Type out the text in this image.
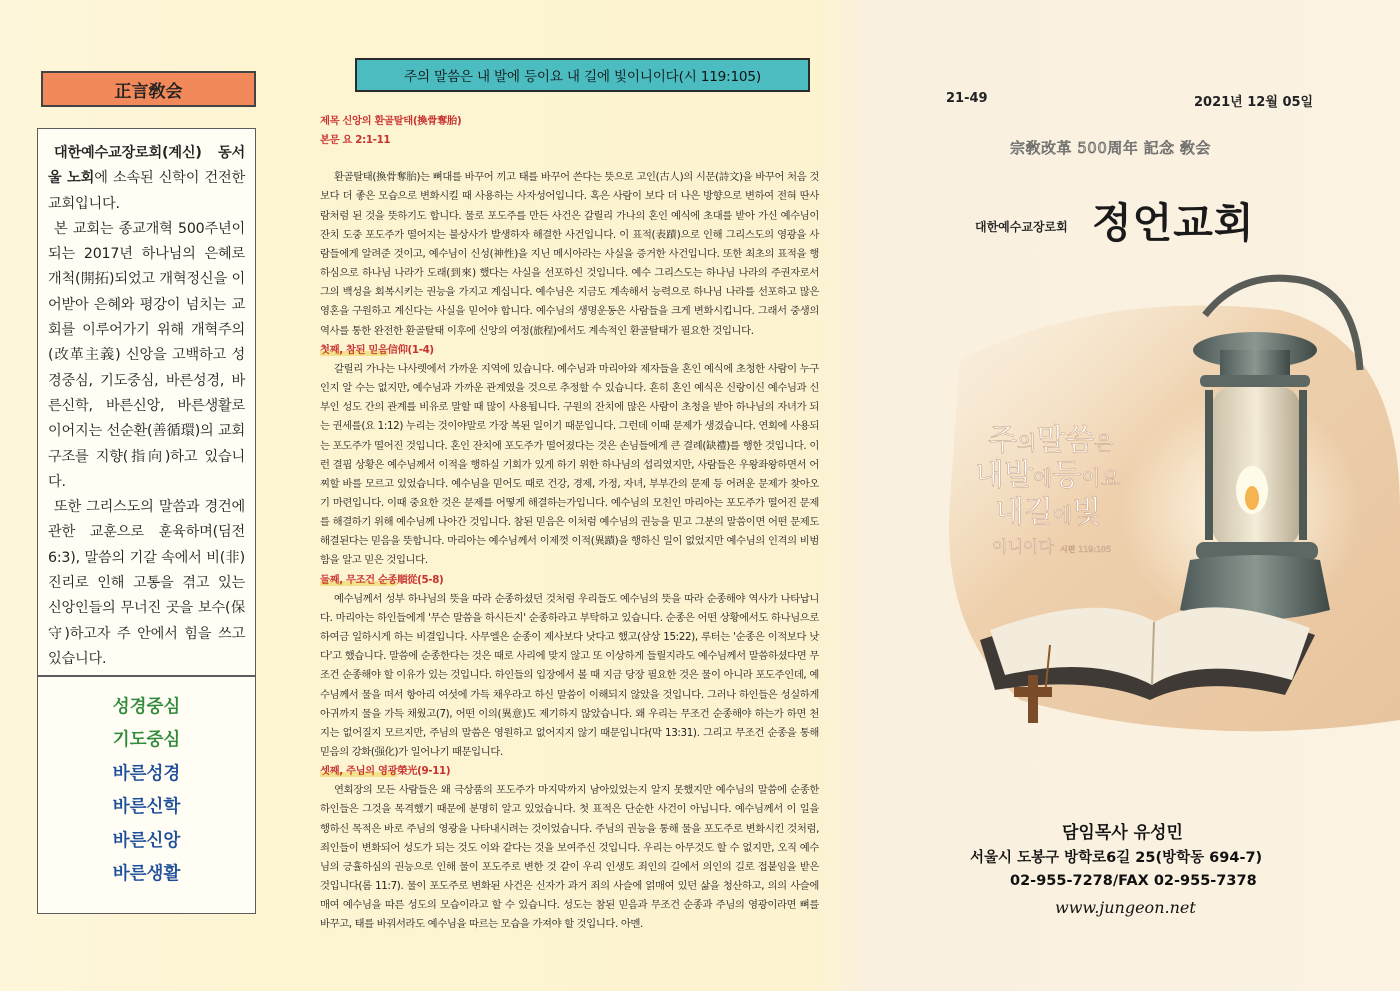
正言敎会

대한예수교장로회(계신) 동서울 노회에 소속된 신학이 건전한 교회입니다.

본 교회는 종교개혁 500주년이 되는 2017년 하나님의 은혜로 개척(開拓)되었고 개혁정신을 이어받아 은혜와 평강이 넘치는 교회를 이루어가기 위해 개혁주의(改革主義) 신앙을 고백하고 성경중심, 기도중심, 바른성경, 바른신학, 바른신앙, 바른생활로 이어지는 선순환(善循環)의 교회 구조를 지향(指向)하고 있습니다.

또한 그리스도의 말씀과 경건에 관한 교훈으로 훈육하며(딤전 6:3), 말씀의 기갈 속에서 비(非) 진리로 인해 고통을 겪고 있는 신앙인들의 무너진 곳을 보수(保守)하고자 주 안에서 힘을 쓰고 있습니다.

성경중심
기도중심
바른성경
바른신학
바른신앙
바른생활
주의 말씀은 내 발에 등이요 내 길에 빛이니이다(시 119:105)
제목 신앙의 환골탈태(換骨奪胎)
본문 요 2:1-11

환골탈태(換骨奪胎)는 뼈대를 바꾸어 끼고 태를 바꾸어 쓴다는 뜻으로 고인(古人)의 시문(詩文)을 바꾸어 처음 것보다 더 좋은 모습으로 변화시킬 때 사용하는 사자성어입니다. 혹은 사람이 보다 더 나은 방향으로 변하여 전혀 딴사람처럼 된 것을 뜻하기도 합니다. 물로 포도주를 만든 사건은 갈릴리 가나의 혼인 예식에 초대를 받아 가신 예수님이 잔치 도중 포도주가 떨어지는 불상사가 발생하자 해결한 사건입니다. 이 표적(表蹟)으로 인해 그리스도의 영광을 사람들에게 알려준 것이고, 예수님이 신성(神性)을 지닌 메시아라는 사실을 증거한 사건입니다. 또한 최초의 표적을 행하심으로 하나님 나라가 도래(到來) 했다는 사실을 선포하신 것입니다. 예수 그리스도는 하나님 나라의 주권자로서 그의 백성을 회복시키는 권능을 가지고 계십니다. 예수님은 지금도 계속해서 능력으로 하나님 나라를 선포하고 많은 영혼을 구원하고 계신다는 사실을 믿어야 합니다. 예수님의 생명운동은 사람들을 크게 변화시킵니다. 그래서 중생의 역사를 통한 완전한 환골탈태 이후에 신앙의 여정(旅程)에서도 계속적인 환골탈태가 필요한 것입니다.

첫째, 참된 믿음信仰(1-4)

갈릴리 가나는 나사렛에서 가까운 지역에 있습니다. 예수님과 마리아와 제자들을 혼인 예식에 초청한 사람이 누구인지 알 수는 없지만, 예수님과 가까운 관계였을 것으로 추정할 수 있습니다. 흔히 혼인 예식은 신랑이신 예수님과 신부인 성도 간의 관계를 비유로 말할 때 많이 사용됩니다. 구원의 잔치에 많은 사람이 초청을 받아 하나님의 자녀가 되는 권세를(요 1:12) 누리는 것이야말로 가장 복된 일이기 때문입니다. 그런데 이때 문제가 생겼습니다. 연회에 사용되는 포도주가 떨어진 것입니다. 혼인 잔치에 포도주가 떨어졌다는 것은 손님들에게 큰 결례(缺禮)를 행한 것입니다. 이런 결핍 상황은 예수님께서 이적을 행하실 기회가 있게 하기 위한 하나님의 섭리였지만, 사람들은 우왕좌왕하면서 어찌할 바를 모르고 있었습니다. 예수님을 믿어도 때로 건강, 경제, 가정, 자녀, 부부간의 문제 등 어려운 문제가 찾아오기 마련입니다. 이때 중요한 것은 문제를 어떻게 해결하는가입니다. 예수님의 모친인 마리아는 포도주가 떨어진 문제를 해결하기 위해 예수님께 나아간 것입니다. 참된 믿음은 이처럼 예수님의 권능을 믿고 그분의 말씀이면 어떤 문제도 해결된다는 믿음을 뜻합니다. 마리아는 예수님께서 이제껏 이적(異蹟)을 행하신 일이 없었지만 예수님의 인격의 비범함을 알고 믿은 것입니다.

둘째, 무조건 순종順從(5-8)

예수님께서 성부 하나님의 뜻을 따라 순종하셨던 것처럼 우리들도 예수님의 뜻을 따라 순종해야 역사가 나타납니다. 마리아는 하인들에게 '무슨 말씀을 하시든지' 순종하라고 부탁하고 있습니다. 순종은 어떤 상황에서도 하나님으로 하여금 일하시게 하는 비결입니다. 사무엘은 순종이 제사보다 낫다고 했고(삼상 15:22), 루터는 '순종은 이적보다 낫다'고 했습니다. 말씀에 순종한다는 것은 때로 사리에 맞지 않고 또 이상하게 들릴지라도 예수님께서 말씀하셨다면 무조건 순종해야 할 이유가 있는 것입니다. 하인들의 입장에서 볼 때 지금 당장 필요한 것은 물이 아니라 포도주인데, 예수님께서 물을 떠서 항아리 여섯에 가득 채우라고 하신 말씀이 이해되지 않았을 것입니다. 그러나 하인들은 성실하게 아귀까지 물을 가득 채웠고(7), 어떤 이의(異意)도 제기하지 않았습니다. 왜 우리는 무조건 순종해야 하는가 하면 천지는 없어질지 모르지만, 주님의 말씀은 영원하고 없어지지 않기 때문입니다(막 13:31). 그리고 무조건 순종을 통해 믿음의 강화(强化)가 일어나기 때문입니다.

셋째, 주님의 영광榮光(9-11)

연회장의 모든 사람들은 왜 극상품의 포도주가 마지막까지 남아있었는지 알지 못했지만 예수님의 말씀에 순종한 하인들은 그것을 목격했기 때문에 분명히 알고 있었습니다. 첫 표적은 단순한 사건이 아닙니다. 예수님께서 이 일을 행하신 목적은 바로 주님의 영광을 나타내시려는 것이었습니다. 주님의 권능을 통해 물을 포도주로 변화시킨 것처럼, 죄인들이 변화되어 성도가 되는 것도 이와 같다는 것을 보여주신 것입니다. 우리는 아무것도 할 수 없지만, 오직 예수님의 긍휼하심의 권능으로 인해 물이 포도주로 변한 것 같이 우리 인생도 죄인의 길에서 의인의 길로 접붙임을 받은 것입니다(롬 11:7). 물이 포도주로 변화된 사건은 신자가 과거 죄의 사슬에 얽매여 있던 삶을 청산하고, 의의 사슬에 매여 예수님을 따른 성도의 모습이라고 할 수 있습니다. 성도는 참된 믿음과 무조건 순종과 주님의 영광이라면 뼈를 바꾸고, 태를 바꿔서라도 예수님을 따르는 모습을 가져야 할 것입니다. 아멘.

21-49	2021년 12월 05일
宗敎改革 500周年 記念 敎会
대한예수교장로회 정언교회
주의말씀은
내발에등이요
내길에빛
이니이다 시편 119:105
담임목사 유성민
서울시 도봉구 방학로6길 25(방학동 694-7)
02-955-7278/FAX 02-955-7378
www.jungeon.net
